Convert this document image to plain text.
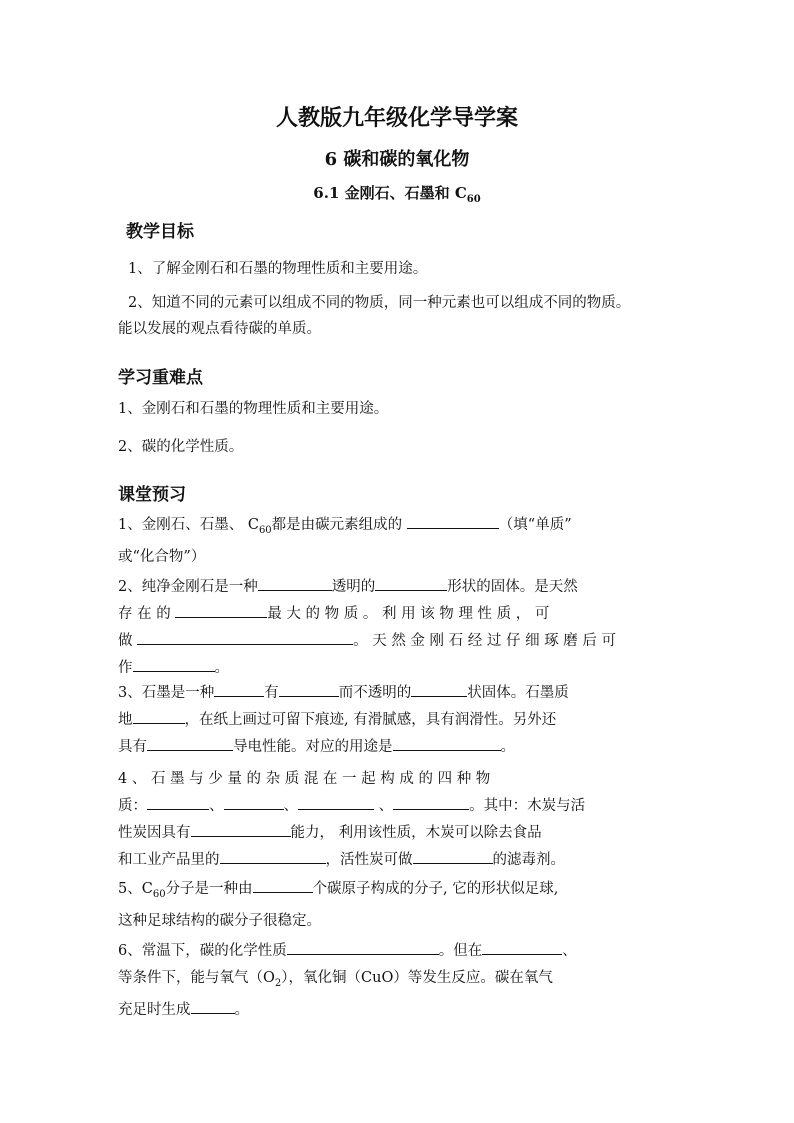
人教版九年级化学导学案
6 碳和碳的氧化物
6.1 金刚石、石墨和 $C_{60}$
教学目标

1、了解金刚石和石墨的物理性质和主要用途。

2、知道不同的元素可以组成不同的物质，同一种元素也可以组成不同的物质。

能以发展的观点看待碳的单质。

学习重难点

1、金刚石和石墨的物理性质和主要用途。

2、碳的化学性质。

课堂预习
1、金刚石、石墨、 $C_{60}$都是由碳元素组成的	（填“单质”
或“化合物”）
2、纯净金刚石是一种	透明的	形状的固体。是天然
存 在 的	最 大 的 物 质 。 利 用 该 物 理 性 质 ， 可
做	。 天 然 金 刚 石 经 过 仔 细 琢 磨 后 可
作	。
3、石墨是一种	有	而不透明的	状固体。石墨质
地	，在纸上画过可留下痕迹, 有滑腻感，具有润滑性。另外还
具有	导电性能。对应的用途是	。
4 、 石 墨 与 少 量 的 杂 质 混 在 一 起 构 成 的 四 种 物
质：	、	、	、	。其中：木炭与活
性炭因具有	能力， 利用该性质，木炭可以除去食品
和工业产品里的	，活性炭可做	的滤毒剂。
5、$C_{60}$分子是一种由	个碳原子构成的分子, 它的形状似足球,
这种足球结构的碳分子很稳定。
6、常温下，碳的化学性质	。但在	、
等条件下，能与氧气$(O_2)$，氧化铜（CuO）等发生反应。碳在氧气
充足时生成	。
